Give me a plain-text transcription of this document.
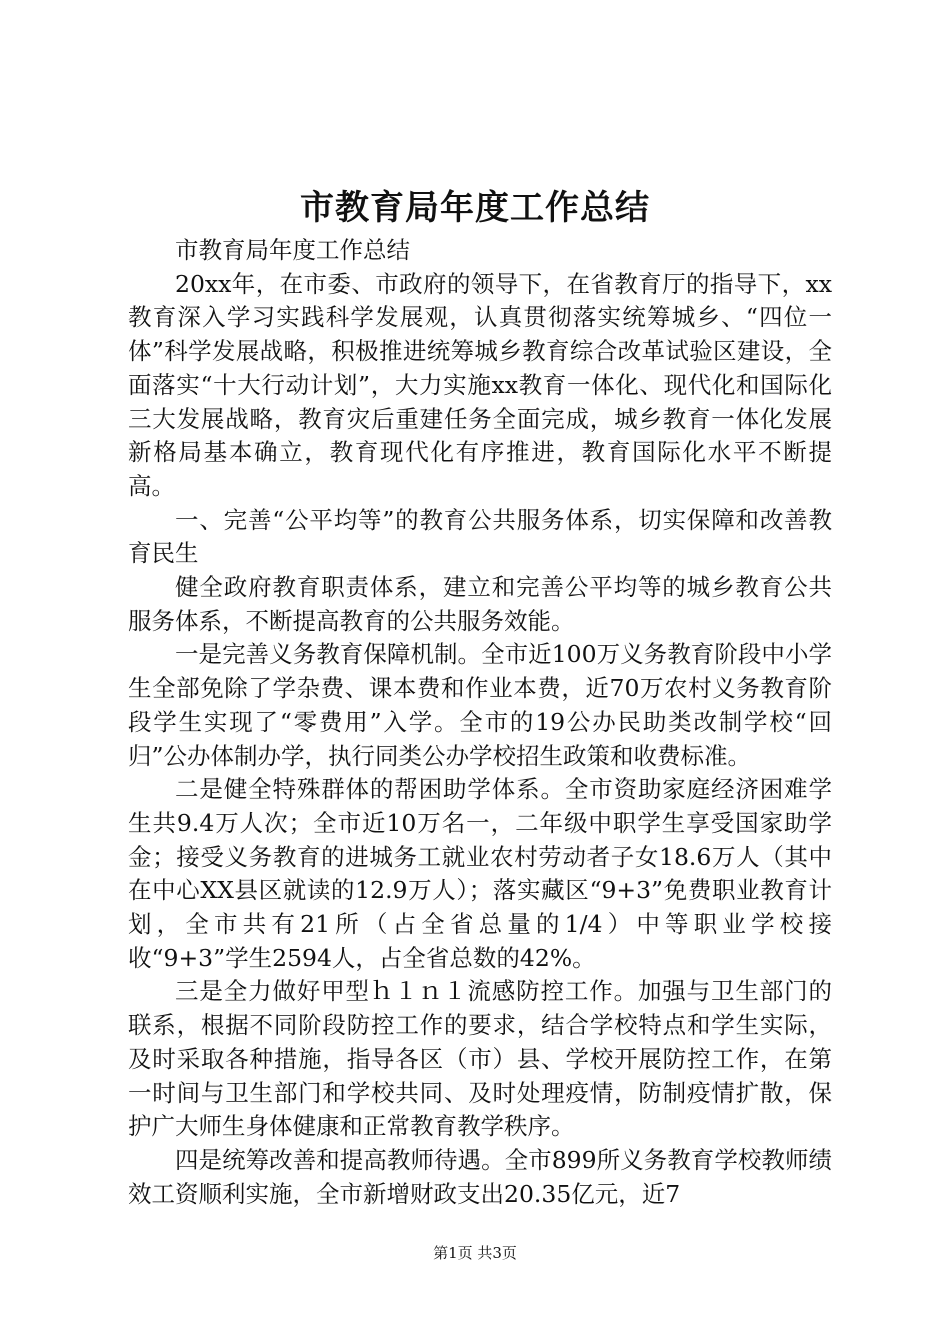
市教育局年度工作总结

市教育局年度工作总结

20xx年，在市委、市政府的领导下，在省教育厅的指导下，xx教育深入学习实践科学发展观，认真贯彻落实统筹城乡、“四位一体”科学发展战略，积极推进统筹城乡教育综合改革试验区建设，全面落实“十大行动计划”，大力实施xx教育一体化、现代化和国际化三大发展战略，教育灾后重建任务全面完成，城乡教育一体化发展新格局基本确立，教育现代化有序推进，教育国际化水平不断提高。

一、完善“公平均等”的教育公共服务体系，切实保障和改善教育民生

健全政府教育职责体系，建立和完善公平均等的城乡教育公共服务体系，不断提高教育的公共服务效能。

一是完善义务教育保障机制。全市近100万义务教育阶段中小学生全部免除了学杂费、课本费和作业本费，近70万农村义务教育阶段学生实现了“零费用”入学。全市的19公办民助类改制学校“回归”公办体制办学，执行同类公办学校招生政策和收费标准。

二是健全特殊群体的帮困助学体系。全市资助家庭经济困难学生共9.4万人次；全市近10万名一，二年级中职学生享受国家助学金；接受义务教育的进城务工就业农村劳动者子女18.6万人（其中在中心XX县区就读的12.9万人）；落实藏区“9+3”免费职业教育计划，全市共有21所（占全省总量的1/4）中等职业学校接收“9+3”学生2594人，占全省总数的42%。

三是全力做好甲型ｈ１ｎ１流感防控工作。加强与卫生部门的联系，根据不同阶段防控工作的要求，结合学校特点和学生实际，及时采取各种措施，指导各区（市）县、学校开展防控工作，在第一时间与卫生部门和学校共同、及时处理疫情，防制疫情扩散，保护广大师生身体健康和正常教育教学秩序。

四是统筹改善和提高教师待遇。全市899所义务教育学校教师绩效工资顺利实施，全市新增财政支出20.35亿元，近7

第1页 共3页
